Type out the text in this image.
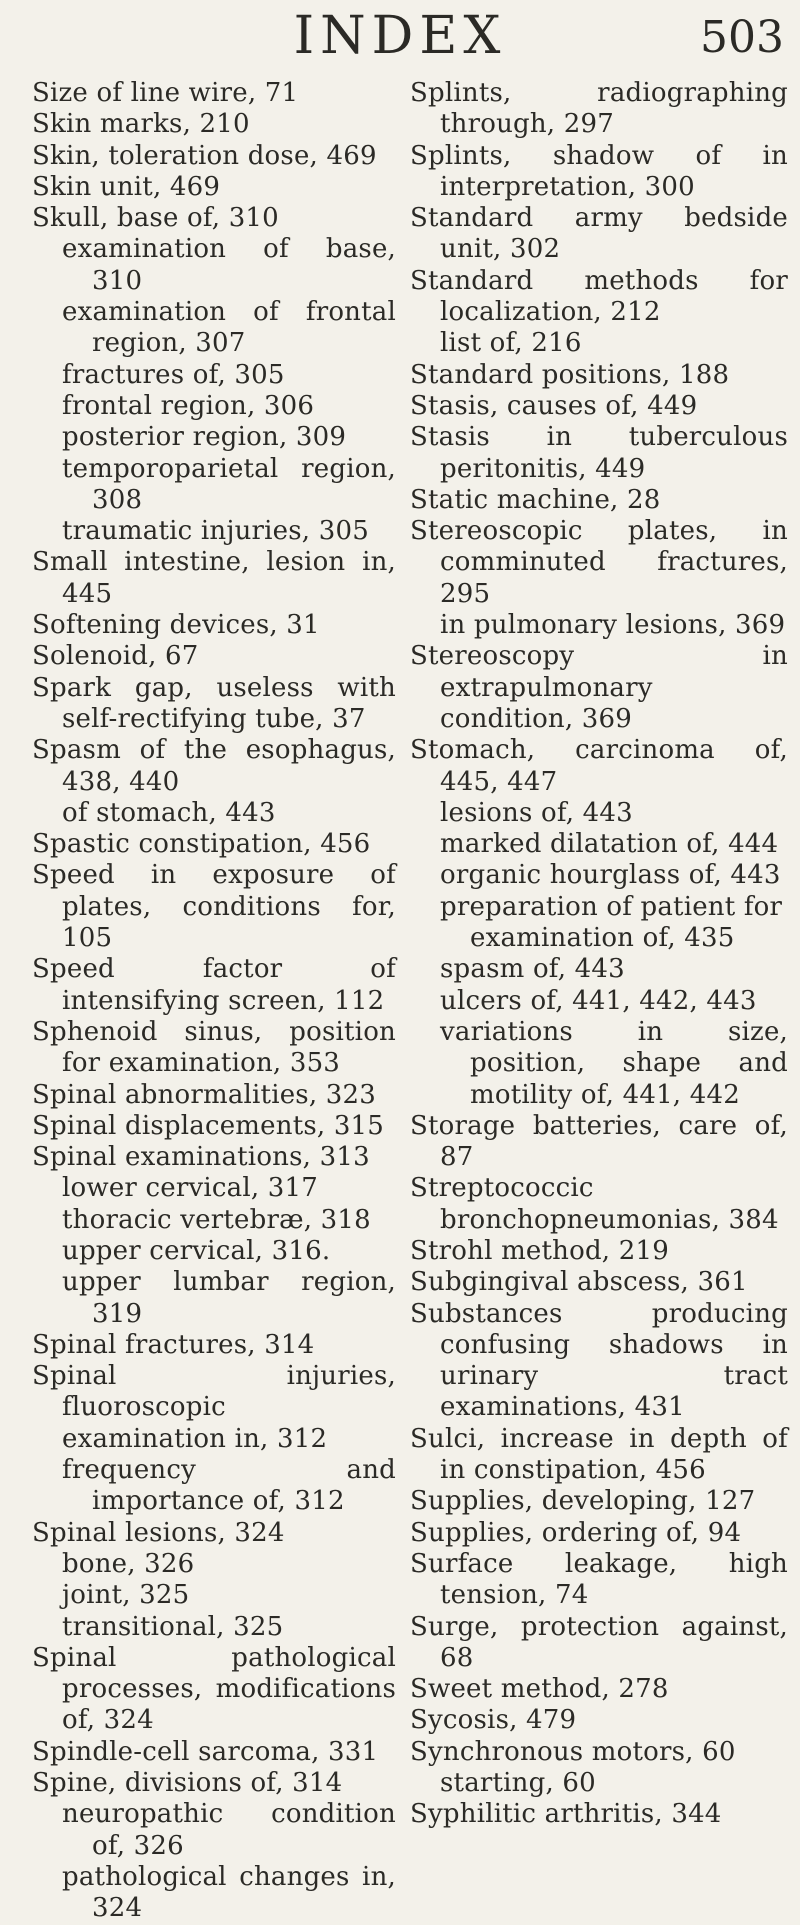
INDEX	503
Size of line wire, 71
Skin marks, 210
Skin, toleration dose, 469
Skin unit, 469
Skull, base of, 310
examination of base, 310
examination of frontal region, 307
fractures of, 305
frontal region, 306
posterior region, 309
temporoparietal region, 308
traumatic injuries, 305
Small intestine, lesion in, 445
Softening devices, 31
Solenoid, 67
Spark gap, useless with self-rectifying tube, 37
Spasm of the esophagus, 438, 440
of stomach, 443
Spastic constipation, 456
Speed in exposure of plates, conditions for, 105
Speed factor of intensifying screen, 112
Sphenoid sinus, position for examination, 353
Spinal abnormalities, 323
Spinal displacements, 315
Spinal examinations, 313
lower cervical, 317
thoracic vertebræ, 318
upper cervical, 316.
upper lumbar region, 319
Spinal fractures, 314
Spinal injuries, fluoroscopic examination in, 312
frequency and importance of, 312
Spinal lesions, 324
bone, 326
joint, 325
transitional, 325
Spinal pathological processes, modifications of, 324
Spindle-cell sarcoma, 331
Spine, divisions of, 314
neuropathic condition of, 326
pathological changes in, 324
Splints, radiographing through, 297
Splints, shadow of in interpretation, 300
Standard army bedside unit, 302
Standard methods for localization, 212
list of, 216
Standard positions, 188
Stasis, causes of, 449
Stasis in tuberculous peritonitis, 449
Static machine, 28
Stereoscopic plates, in comminuted fractures, 295
in pulmonary lesions, 369
Stereoscopy in extrapulmonary condition, 369
Stomach, carcinoma of, 445, 447
lesions of, 443
marked dilatation of, 444
organic hourglass of, 443
preparation of patient for
examination of, 435
spasm of, 443
ulcers of, 441, 442, 443
variations in size, position, shape and motility of, 441, 442
Storage batteries, care of, 87
Streptococcic bronchopneumonias, 384
Strohl method, 219
Subgingival abscess, 361
Substances producing confusing shadows in urinary tract examinations, 431
Sulci, increase in depth of in constipation, 456
Supplies, developing, 127
Supplies, ordering of, 94
Surface leakage, high tension, 74
Surge, protection against, 68
Sweet method, 278
Sycosis, 479
Synchronous motors, 60
starting, 60
Syphilitic arthritis, 344
